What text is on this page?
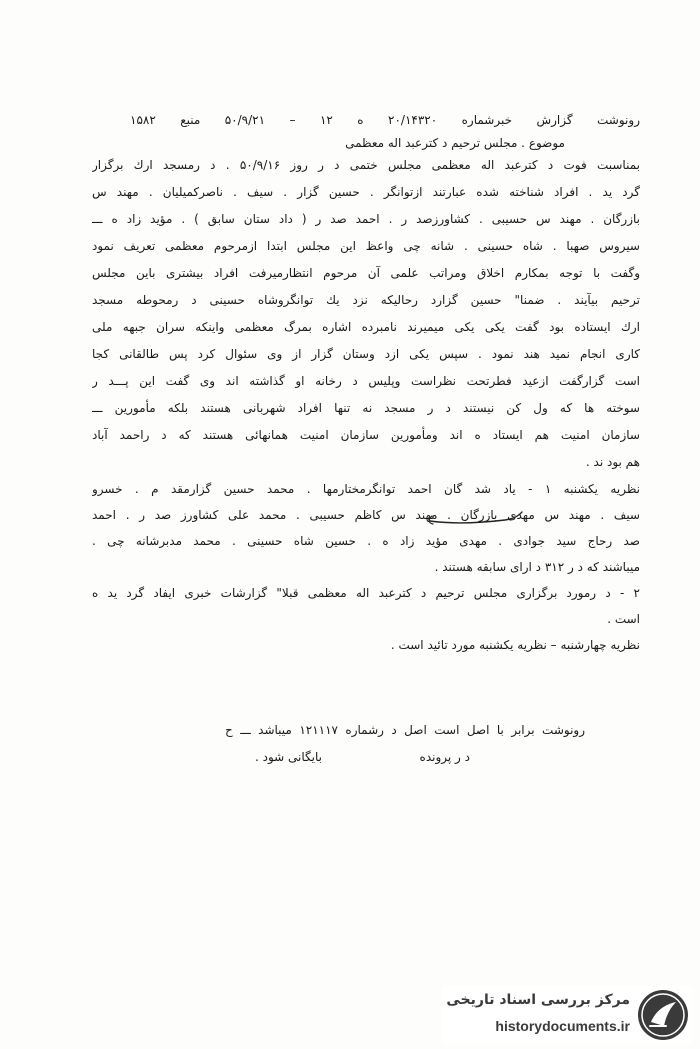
رونوشت گزارش خبرشماره ۲۰/۱۴۳۲۰ ه ۱۲ – ۵۰/۹/۲۱ منبع ۱۵۸۲
موضوع . مجلس ترحیم د کترعبد اله معظمی
بمناسبت فوت د کترعبد اله معظمی مجلس ختمی د ر روز ۵۰/۹/۱۶ . د رمسجد ارك برگزار
گرد ید . افراد شناخته شده عبارتند ازتوانگر . حسین گزار . سیف . ناصرکمیلیان . مهند س
بازرگان . مهند س حسیبی . کشاورزصد ر . احمد صد ر ( داد ستان سابق ) . مؤید زاد ه ـــ
سیروس صهبا . شاه حسینی . شانه چی واعظ این مجلس ابتدا ازمرحوم معظمی تعریف نمود
وگفت با توجه بمکارم اخلاق ومراتب علمی آن مرحوم انتظارمیرفت افراد بیشتری باین مجلس
ترحیم بیآیند . ضمنا" حسین گزارد رحالیکه نزد یك توانگروشاه حسینی د رمحوطه مسجد
ارك ایستاده بود گفت یکی یکی میمیرند نامبرده اشاره بمرگ معظمی واینکه سران جبهه ملی
کاری انجام نمید هند نمود . سپس یکی ازد وستان گزار از وی سئوال کرد پس طالقانی کجا
است گزارگفت ازعید فطرتحت نظراست وپلیس د رخانه او گذاشته اند وی گفت این پـــد ر
سوخته ها که ول کن نیستند د ر مسجد نه تنها افراد شهربانی هستند بلکه مأمورین ـــ
سازمان امنیت هم ایستاد ه اند ومأمورین سازمان امنیت همانهائی هستند که د راحمد آباد
هم بود ند .
نظریه یکشنبه ۱ - یاد شد گان احمد توانگرمختارمها . محمد حسین گزارمقد م . خسرو
سیف . مهند س مهدی بازرگان . مهند س کاظم حسیبی . محمد علی کشاورز صد ر . احمد
صد رحاج سید جوادی . مهدی مؤید زاد ه . حسین شاه حسینی . محمد مدبرشانه چی .
میباشند که د ر ۳۱۲ د ارای سابقه هستند .
۲ - د رمورد برگزاری مجلس ترحیم د کترعبد اله معظمی قبلا" گزارشات خبری ایفاد گرد ید ه
است .
نظریه چهارشنبه – نظریه یکشنبه مورد تائید است .
رونوشت برابر با اصل است اصل د رشماره ۱۲۱۱۱۷ میباشد ـــ ح
د ر پرونده
بایگانی شود .
مرکز بررسی اسناد تاریخی
historydocuments.ir
